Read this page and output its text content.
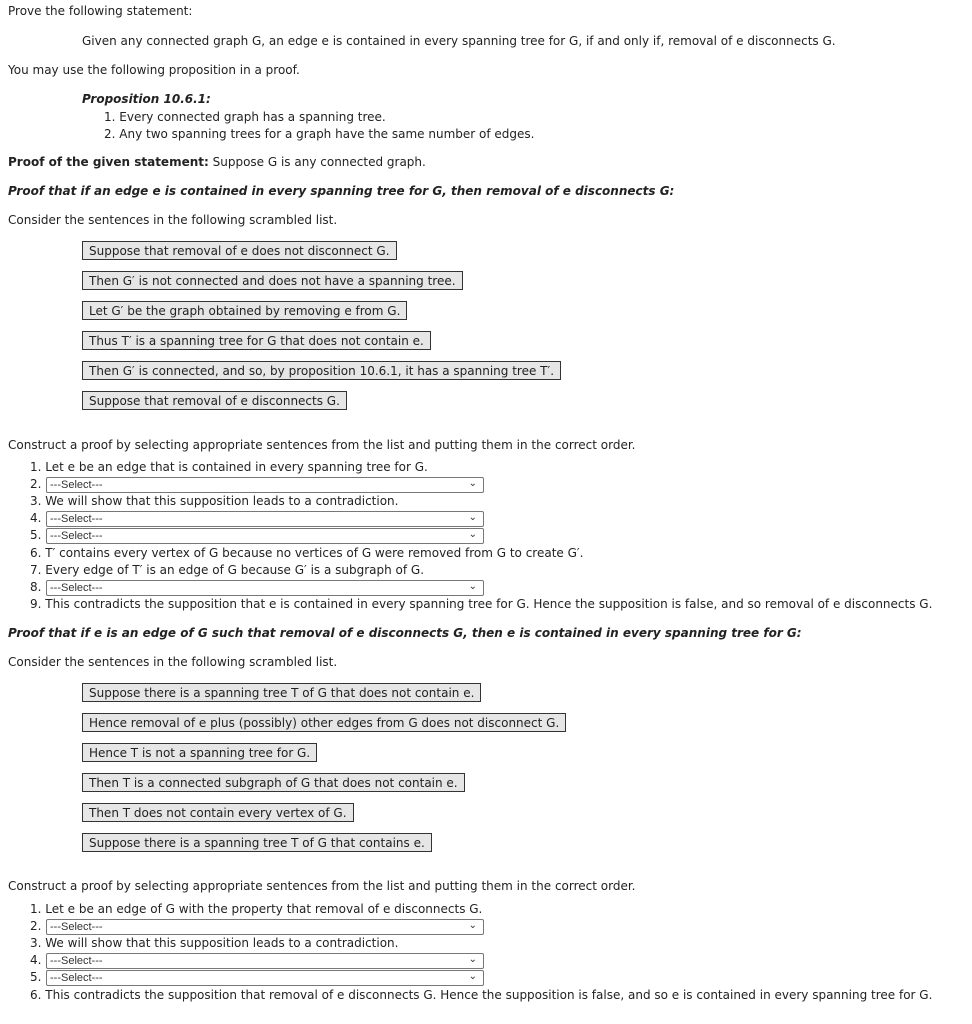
Prove the following statement:
Given any connected graph G, an edge e is contained in every spanning tree for G, if and only if, removal of e disconnects G.
You may use the following proposition in a proof.
Proposition 10.6.1:
1. Every connected graph has a spanning tree.
2. Any two spanning trees for a graph have the same number of edges.
Proof of the given statement: Suppose G is any connected graph.
Proof that if an edge e is contained in every spanning tree for G, then removal of e disconnects G:
Consider the sentences in the following scrambled list.
Suppose that removal of e does not disconnect G.
Then G′ is not connected and does not have a spanning tree.
Let G′ be the graph obtained by removing e from G.
Thus T′ is a spanning tree for G that does not contain e.
Then G′ is connected, and so, by proposition 10.6.1, it has a spanning tree T′.
Suppose that removal of e disconnects G.
Construct a proof by selecting appropriate sentences from the list and putting them in the correct order.
1. Let e be an edge that is contained in every spanning tree for G.
2. ---Select---	⌄
3. We will show that this supposition leads to a contradiction.
4. ---Select---	⌄
5. ---Select---	⌄
6. T′ contains every vertex of G because no vertices of G were removed from G to create G′.
7. Every edge of T′ is an edge of G because G′ is a subgraph of G.
8. ---Select---	⌄
9. This contradicts the supposition that e is contained in every spanning tree for G. Hence the supposition is false, and so removal of e disconnects G.
Proof that if e is an edge of G such that removal of e disconnects G, then e is contained in every spanning tree for G:
Consider the sentences in the following scrambled list.
Suppose there is a spanning tree T of G that does not contain e.
Hence removal of e plus (possibly) other edges from G does not disconnect G.
Hence T is not a spanning tree for G.
Then T is a connected subgraph of G that does not contain e.
Then T does not contain every vertex of G.
Suppose there is a spanning tree T of G that contains e.
Construct a proof by selecting appropriate sentences from the list and putting them in the correct order.
1. Let e be an edge of G with the property that removal of e disconnects G.
2. ---Select---	⌄
3. We will show that this supposition leads to a contradiction.
4. ---Select---	⌄
5. ---Select---	⌄
6. This contradicts the supposition that removal of e disconnects G. Hence the supposition is false, and so e is contained in every spanning tree for G.
